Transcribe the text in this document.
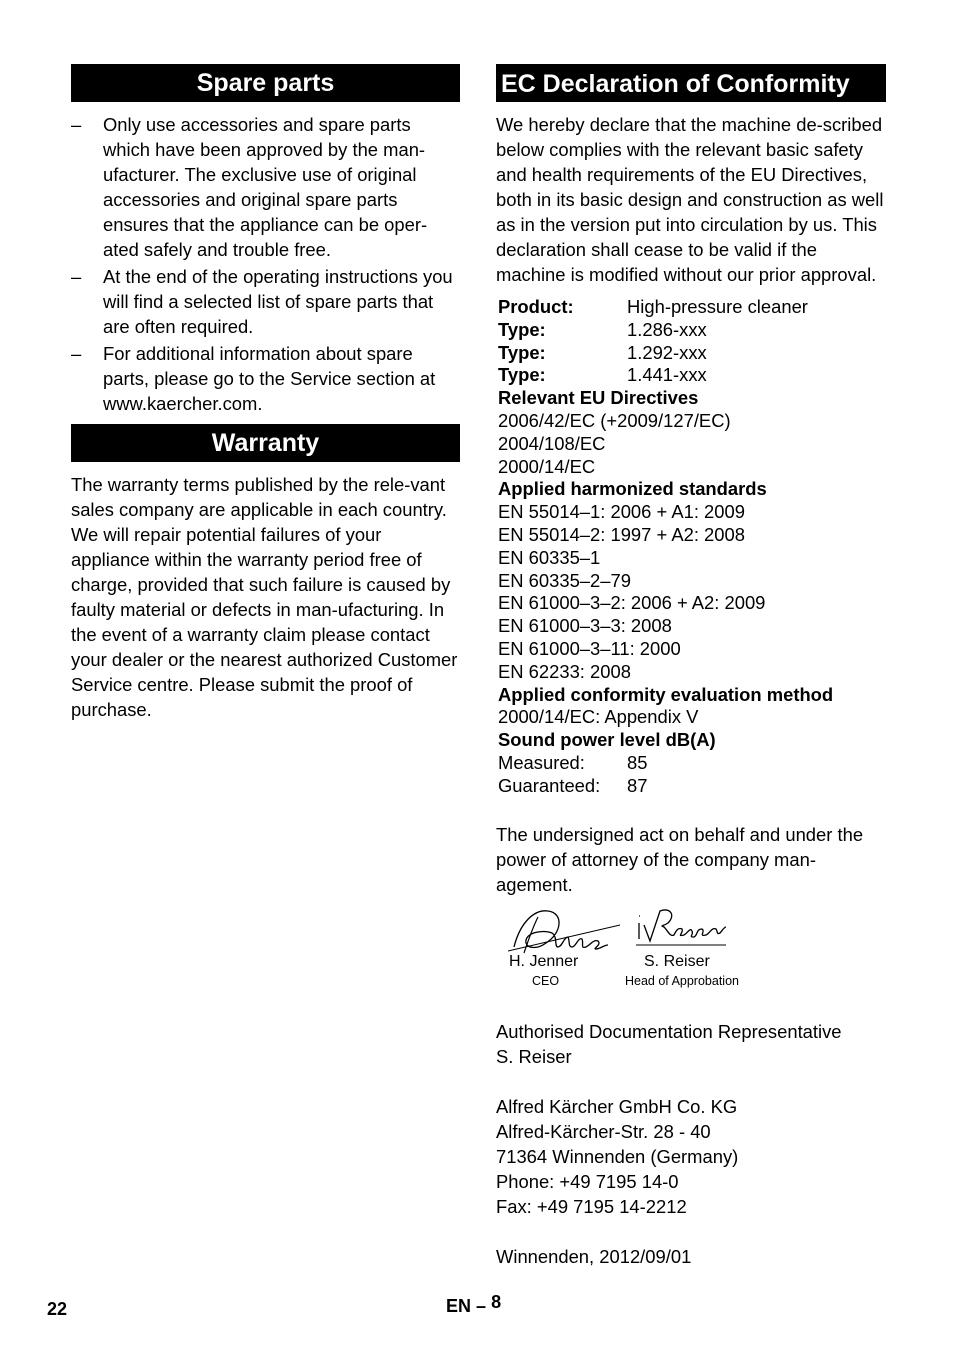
Spare parts
–	Only use accessories and spare parts which have been approved by the man-ufacturer. The exclusive use of original accessories and original spare parts ensures that the appliance can be oper-ated safely and trouble free.
–	At the end of the operating instructions you will find a selected list of spare parts that are often required.
–	For additional information about spare parts, please go to the Service section at www.kaercher.com.
Warranty
The warranty terms published by the rele-vant sales company are applicable in each country. We will repair potential failures of your appliance within the warranty period free of charge, provided that such failure is caused by faulty material or defects in man-ufacturing. In the event of a warranty claim please contact your dealer or the nearest authorized Customer Service centre. Please submit the proof of purchase.
EC Declaration of Conformity
We hereby declare that the machine de-scribed below complies with the relevant basic safety and health requirements of the EU Directives, both in its basic design and construction as well as in the version put into circulation by us. This declaration shall cease to be valid if the machine is modified without our prior approval.
Product:	High-pressure cleaner
Type:	1.286-xxx
Type:	1.292-xxx
Type:	1.441-xxx
Relevant EU Directives
2006/42/EC (+2009/127/EC)
2004/108/EC
2000/14/EC
Applied harmonized standards
EN 55014–1: 2006 + A1: 2009
EN 55014–2: 1997 + A2: 2008
EN 60335–1
EN 60335–2–79
EN 61000–3–2: 2006 + A2: 2009
EN 61000–3–3: 2008
EN 61000–3–11: 2000
EN 62233: 2008
Applied conformity evaluation method
2000/14/EC: Appendix V
Sound power level dB(A)
Measured:	85
Guaranteed:	87
The undersigned act on behalf and under the power of attorney of the company man-agement.
H. Jenner	S. Reiser
CEO	Head of Approbation
Authorised Documentation Representative
S. Reiser
Alfred Kärcher GmbH Co. KG
Alfred-Kärcher-Str. 28 - 40
71364 Winnenden (Germany)
Phone: +49 7195 14-0
Fax: +49 7195 14-2212
Winnenden, 2012/09/01
22	EN – 8
